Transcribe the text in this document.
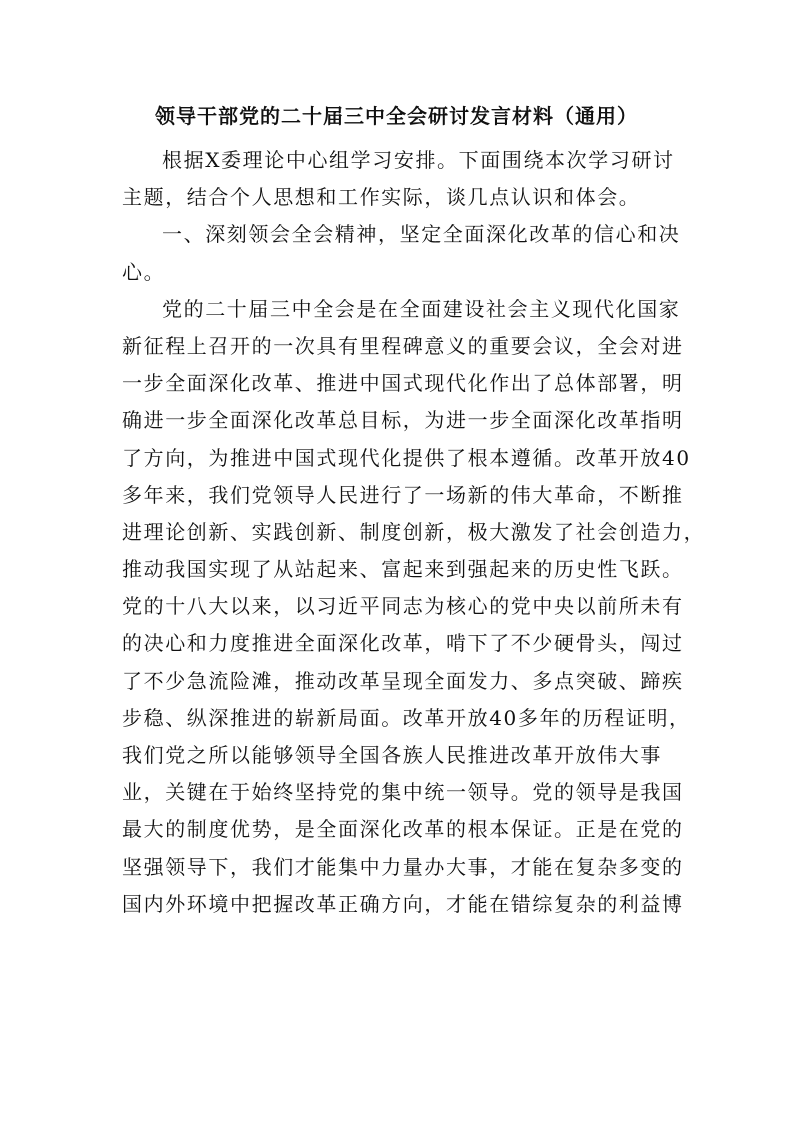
领导干部党的二十届三中全会研讨发言材料（通用）
根据X委理论中心组学习安排。下面围绕本次学习研讨
主题，结合个人思想和工作实际，谈几点认识和体会。
一、深刻领会全会精神，坚定全面深化改革的信心和决
心。
党的二十届三中全会是在全面建设社会主义现代化国家
新征程上召开的一次具有里程碑意义的重要会议，全会对进
一步全面深化改革、推进中国式现代化作出了总体部署，明
确进一步全面深化改革总目标，为进一步全面深化改革指明
了方向，为推进中国式现代化提供了根本遵循。改革开放40
多年来，我们党领导人民进行了一场新的伟大革命，不断推
进理论创新、实践创新、制度创新，极大激发了社会创造力，
推动我国实现了从站起来、富起来到强起来的历史性飞跃。
党的十八大以来，以习近平同志为核心的党中央以前所未有
的决心和力度推进全面深化改革，啃下了不少硬骨头，闯过
了不少急流险滩，推动改革呈现全面发力、多点突破、蹄疾
步稳、纵深推进的崭新局面。改革开放40多年的历程证明，
我们党之所以能够领导全国各族人民推进改革开放伟大事
业，关键在于始终坚持党的集中统一领导。党的领导是我国
最大的制度优势，是全面深化改革的根本保证。正是在党的
坚强领导下，我们才能集中力量办大事，才能在复杂多变的
国内外环境中把握改革正确方向，才能在错综复杂的利益博
